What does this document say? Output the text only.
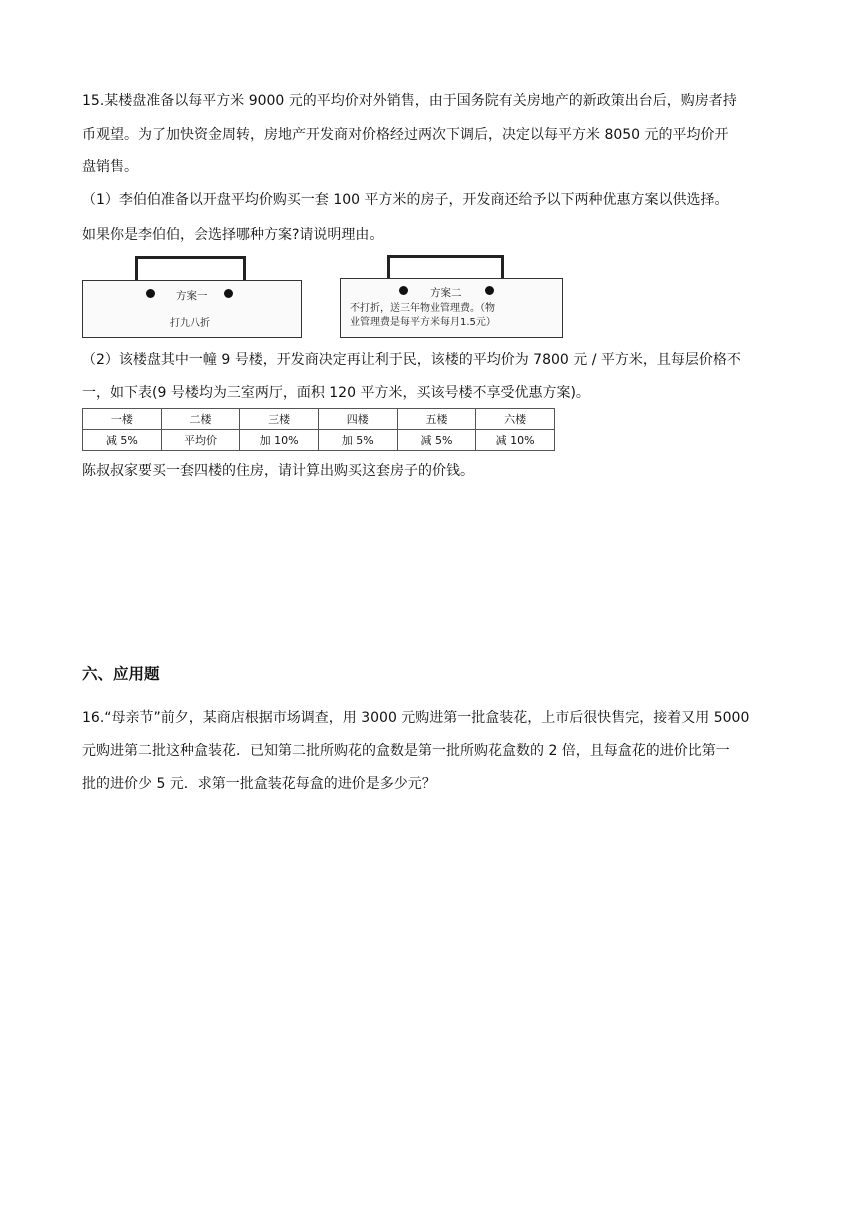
15.某楼盘准备以每平方米 9000 元的平均价对外销售，由于国务院有关房地产的新政策出台后，购房者持
币观望。为了加快资金周转，房地产开发商对价格经过两次下调后，决定以每平方米 8050 元的平均价开
盘销售。
（1）李伯伯准备以开盘平均价购买一套 100 平方米的房子，开发商还给予以下两种优惠方案以供选择。
如果你是李伯伯，会选择哪种方案?请说明理由。
方案一
打九八折
方案二
不打折，送三年物业管理费。（物
业管理费是每平方米每月1.5元）
（2）该楼盘其中一幢 9 号楼，开发商决定再让利于民，该楼的平均价为 7800 元 / 平方米，且每层价格不
一，如下表(9 号楼均为三室两厅，面积 120 平方米，买该号楼不享受优惠方案)。
一楼	二楼	三楼	四楼	五楼	六楼
减 5%	平均价	加 10%	加 5%	减 5%	减 10%
陈叔叔家要买一套四楼的住房，请计算出购买这套房子的价钱。
六、应用题
16.“母亲节”前夕，某商店根据市场调查，用 3000 元购进第一批盒装花，上市后很快售完，接着又用 5000
元购进第二批这种盒装花．已知第二批所购花的盒数是第一批所购花盒数的 2 倍，且每盒花的进价比第一
批的进价少 5 元．求第一批盒装花每盒的进价是多少元？
